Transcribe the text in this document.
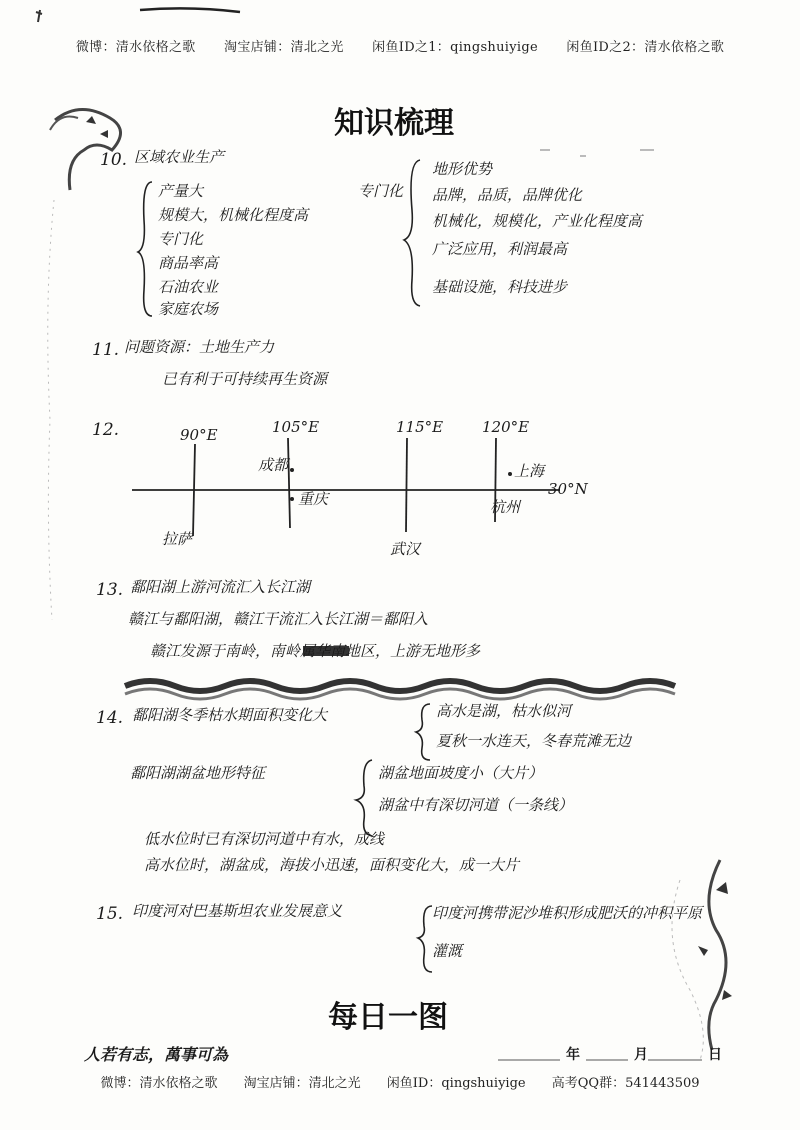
微博：清水依格之歌 淘宝店铺：清北之光 闲鱼ID之1：qingshuiyige 闲鱼ID之2：清水依格之歌
知识梳理
10. 区域农业生产
产量大
规模大，机械化程度高
专门化
商品率高
石油农业
家庭农场
专门化
地形优势
品牌，品质，品牌优化
机械化，规模化，产业化程度高
广泛应用，利润最高
基础设施，科技进步
11. 问题资源：土地生产力
已有利于可持续再生资源
12.	90°E	105°E	115°E	120°E
30°N
拉萨
成都
重庆
武汉
上海
杭州
13. 鄱阳湖上游河流汇入长江湖
赣江与鄱阳湖，赣江干流汇入长江湖＝鄱阳入
赣江发源于南岭，南岭属华南地区，上游无地形多
14. 鄱阳湖冬季枯水期面积变化大	高水是湖，枯水似河
夏秋一水连天，冬春荒滩无边
鄱阳湖湖盆地形特征	湖盆地面坡度小（大片）
湖盆中有深切河道（一条线）
低水位时已有深切河道中有水，成线
高水位时，湖盆成，海拔小迅速，面积变化大，成一大片
15. 印度河对巴基斯坦农业发展意义	印度河携带泥沙堆积形成肥沃的冲积平原
灌溉
每日一图
人若有志，萬事可為	年	月	日
微博：清水依格之歌 淘宝店铺：清北之光 闲鱼ID：qingshuiyige 高考QQ群：541443509
